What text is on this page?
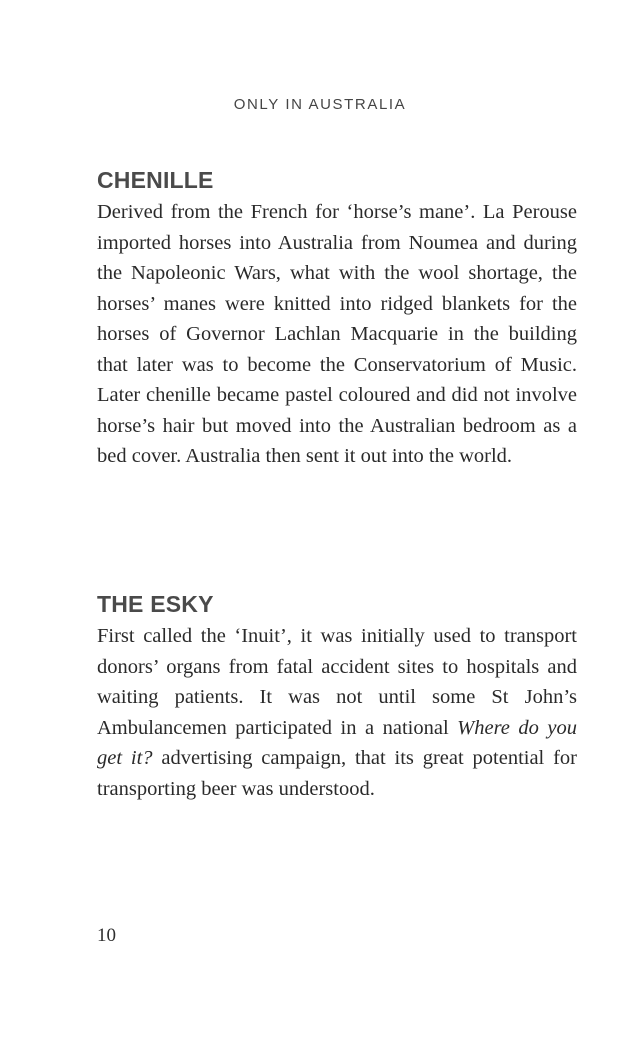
ONLY IN AUSTRALIA
CHENILLE

Derived from the French for ‘horse’s mane’. La Perouse imported horses into Australia from Noumea and during the Napoleonic Wars, what with the wool shortage, the horses’ manes were knitted into ridged blankets for the horses of Governor Lachlan Macquarie in the building that later was to become the Conservatorium of Music. Later chenille became pastel coloured and did not involve horse’s hair but moved into the Australian bedroom as a bed cover. Australia then sent it out into the world.

THE ESKY

First called the ‘Inuit’, it was initially used to transport donors’ organs from fatal accident sites to hospitals and waiting patients. It was not until some St John’s Ambulancemen participated in a national Where do you get it? advertising campaign, that its great potential for transporting beer was understood.

10
